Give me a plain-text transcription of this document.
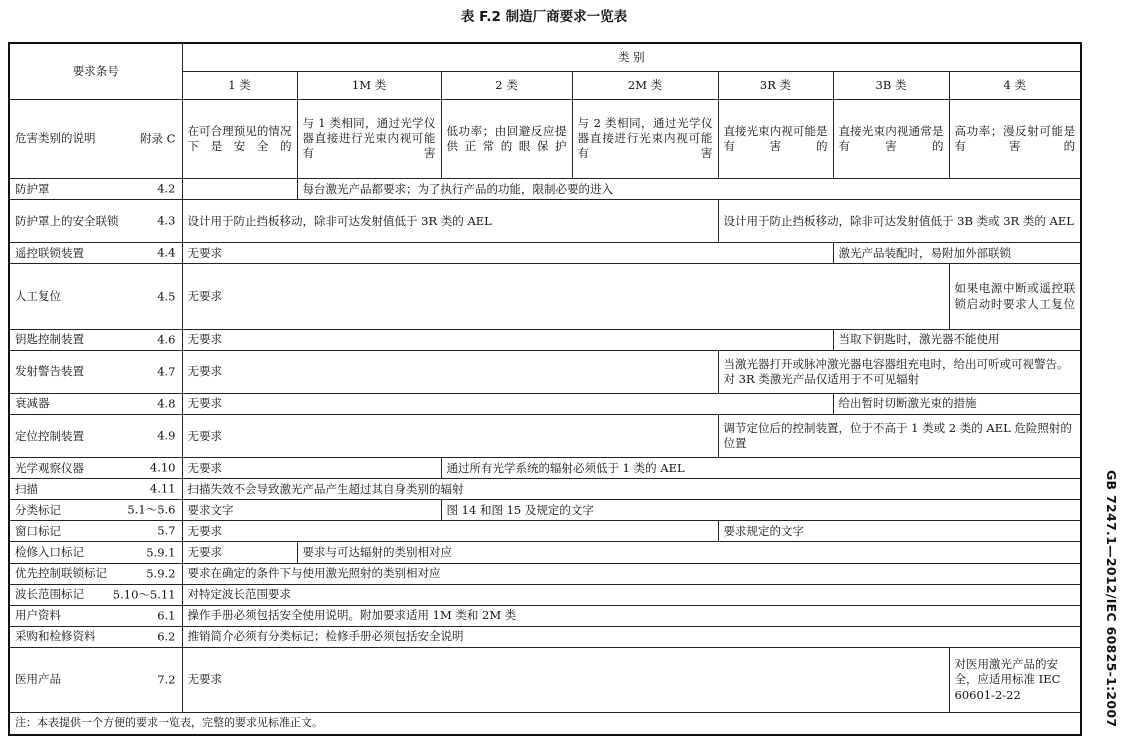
表 F.2 制造厂商要求一览表
GB 7247.1—2012/IEC 60825-1:2007
要求条号	类 别						
	1 类	1M 类	2 类	2M 类	3R 类	3B 类	4 类
危害类别的说明 附录 C	在可合理预见的情况下是安全的	与 1 类相同，通过光学仪器直接进行光束内视可能有害	低功率；由回避反应提供正常的眼保护	与 2 类相同，通过光学仪器直接进行光束内视可能有害	直接光束内视可能是有害的	直接光束内视通常是有害的	高功率；漫反射可能是有害的
防护罩 4.2		每台激光产品都要求；为了执行产品的功能，限制必要的进入					
防护罩上的安全联锁 4.3	设计用于防止挡板移动，除非可达发射值低于 3R 类的 AEL				设计用于防止挡板移动，除非可达发射值低于 3B 类或 3R 类的 AEL		
遥控联锁装置 4.4	无要求					激光产品装配时，易附加外部联锁	
人工复位 4.5	无要求						如果电源中断或遥控联锁启动时要求人工复位
钥匙控制装置 4.6	无要求					当取下钥匙时，激光器不能使用	
发射警告装置 4.7	无要求				当激光器打开或脉冲激光器电容器组充电时，给出可听或可视警告。对 3R 类激光产品仅适用于不可见辐射		
衰减器 4.8	无要求					给出暂时切断激光束的措施	
定位控制装置 4.9	无要求				调节定位后的控制装置，位于不高于 1 类或 2 类的 AEL 危险照射的位置		
光学观察仪器 4.10	无要求		通过所有光学系统的辐射必须低于 1 类的 AEL				
扫描 4.11	扫描失效不会导致激光产品产生超过其自身类别的辐射						
分类标记 5.1～5.6	要求文字		图 14 和图 15 及规定的文字				
窗口标记 5.7	无要求				要求规定的文字		
检修入口标记 5.9.1	无要求	要求与可达辐射的类别相对应					
优先控制联锁标记 5.9.2	要求在确定的条件下与使用激光照射的类别相对应						
波长范围标记 5.10～5.11	对特定波长范围要求						
用户资料 6.1	操作手册必须包括安全使用说明。附加要求适用 1M 类和 2M 类						
采购和检修资料 6.2	推销简介必须有分类标记；检修手册必须包括安全说明						
医用产品 7.2	无要求						对医用激光产品的安全，应适用标准 IEC 60601-2-22
注：本表提供一个方便的要求一览表，完整的要求见标准正文。							
